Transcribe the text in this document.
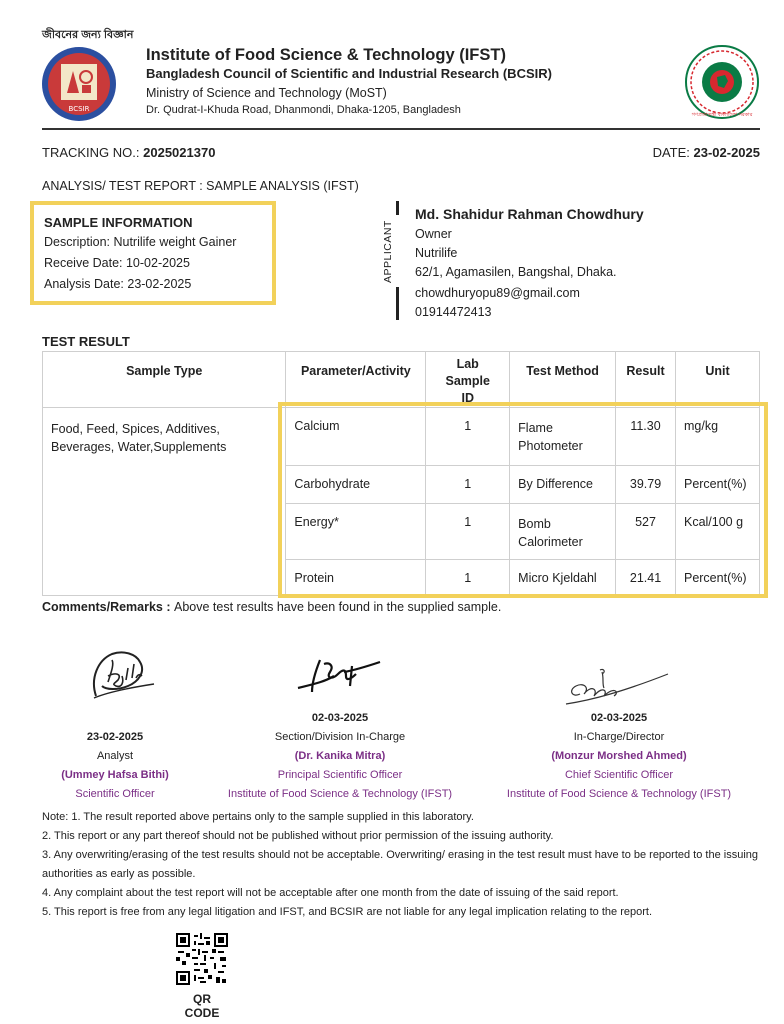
জীবনের জন্য বিজ্ঞান
BCSIR
Institute of Food Science & Technology (IFST)
Bangladesh Council of Scientific and Industrial Research (BCSIR)
Ministry of Science and Technology (MoST)
Dr. Qudrat-I-Khuda Road, Dhanmondi, Dhaka-1205, Bangladesh	গণপ্রজাতন্ত্রী বাংলাদেশ সরকার
TRACKING NO.: 2025021370	DATE: 23-02-2025
ANALYSIS/ TEST REPORT : SAMPLE ANALYSIS (IFST)
SAMPLE INFORMATION
Description: Nutrilife weight Gainer
Receive Date: 10-02-2025
Analysis Date: 23-02-2025
APPLICANT
Md. Shahidur Rahman Chowdhury
Owner
Nutrilife
62/1, Agamasilen, Bangshal, Dhaka.
chowdhuryopu89@gmail.com
01914472413
TEST RESULT
Sample Type	Parameter/Activity	Lab Sample ID	Test Method	Result	Unit
Food, Feed, Spices, Additives, Beverages, Water,Supplements	Calcium	1	Flame Photometer	11.30	mg/kg
	Carbohydrate	1	By Difference	39.79	Percent(%)
	Energy*	1	Bomb Calorimeter	527	Kcal/100 g
	Protein	1	Micro Kjeldahl	21.41	Percent(%)
Comments/Remarks : Above test results have been found in the supplied sample.
23-02-2025
Analyst
(Ummey Hafsa Bithi)
Scientific Officer
02-03-2025
Section/Division In-Charge
(Dr. Kanika Mitra)
Principal Scientific Officer
Institute of Food Science & Technology (IFST)
02-03-2025
In-Charge/Director
(Monzur Morshed Ahmed)
Chief Scientific Officer
Institute of Food Science & Technology (IFST)
Note: 1. The result reported above pertains only to the sample supplied in this laboratory.
2. This report or any part thereof should not be published without prior permission of the issuing authority.
3. Any overwriting/erasing of the test results should not be acceptable. Overwriting/ erasing in the test result must have to be reported to the issuing authorities as early as possible.
4. Any complaint about the test report will not be acceptable after one month from the date of issuing of the said report.
5. This report is free from any legal litigation and IFST, and BCSIR are not liable for any legal implication relating to the report.
QR CODE
